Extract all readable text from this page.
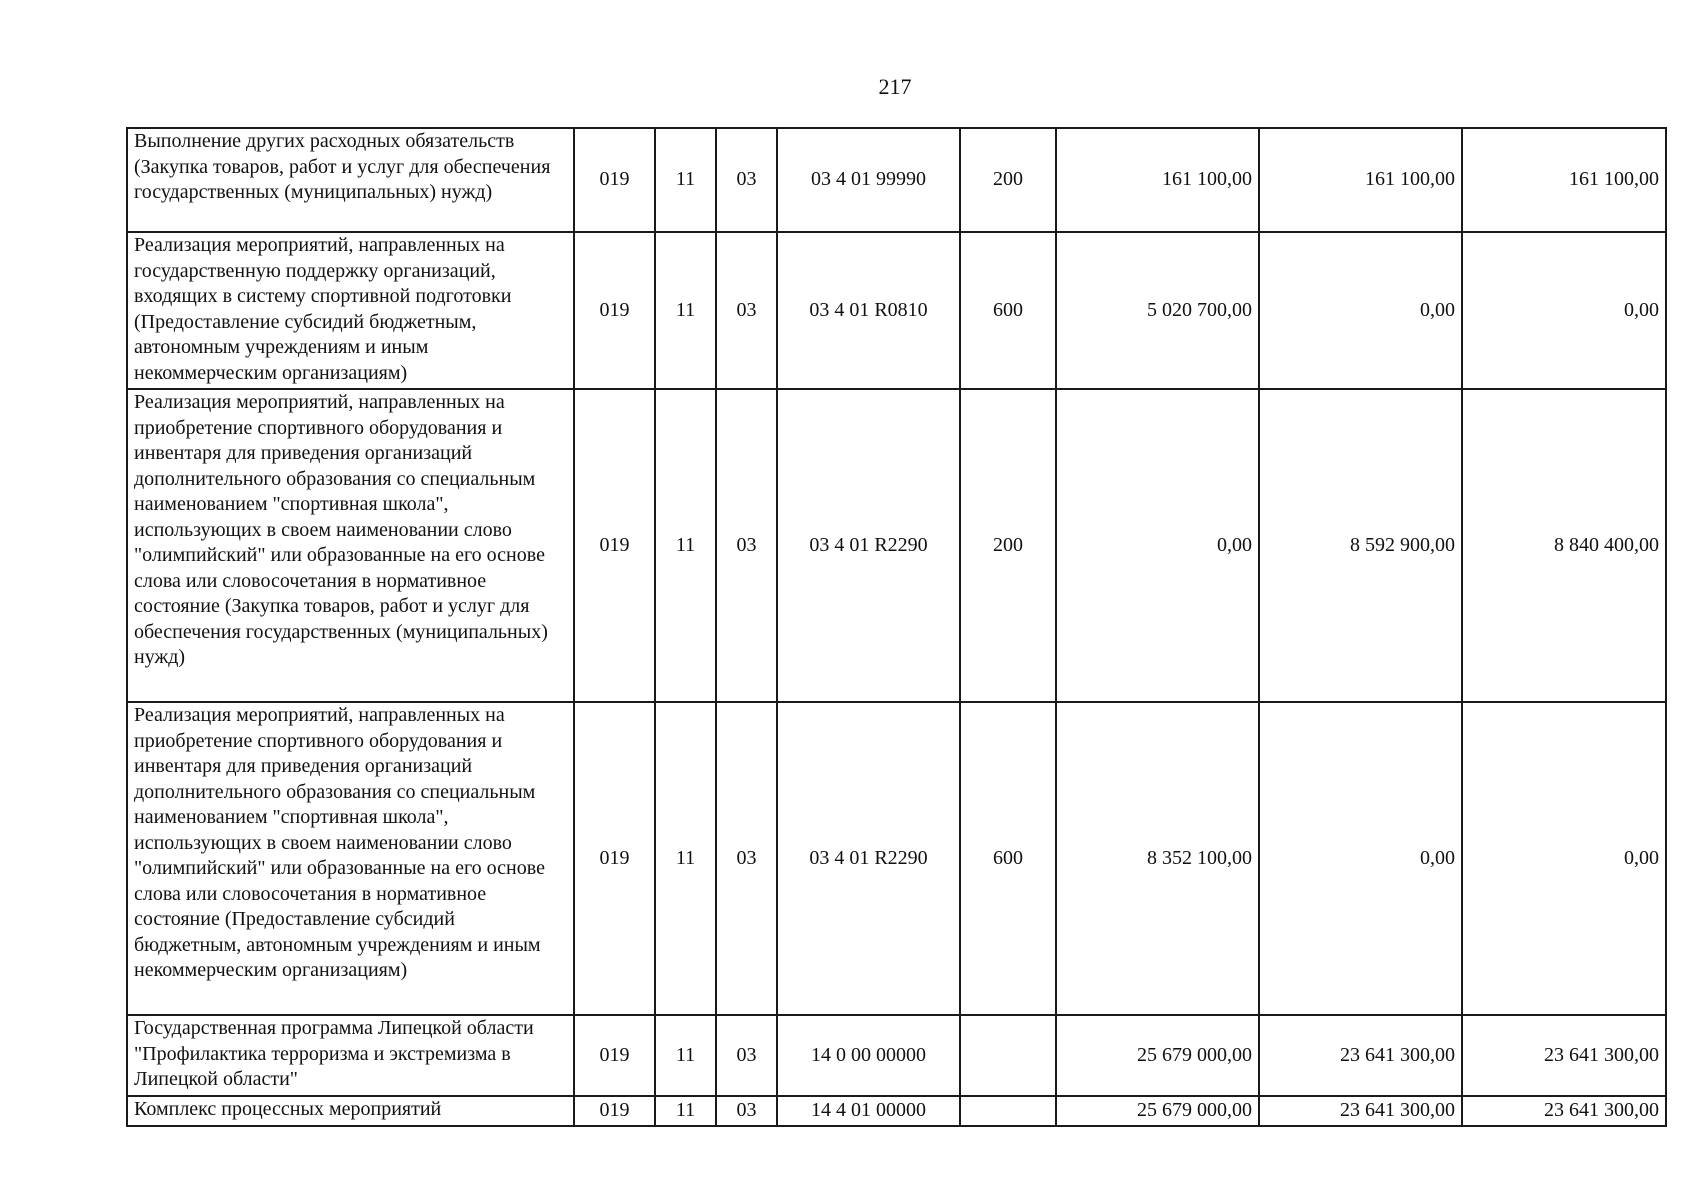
217
Выполнение других расходных обязательств (Закупка товаров, работ и услуг для обеспечения государственных (муниципальных) нужд)	019	11	03	03 4 01 99990	200	161 100,00	161 100,00	161 100,00
Реализация мероприятий, направленных на государственную поддержку организаций, входящих в систему спортивной подготовки (Предоставление субсидий бюджетным, автономным учреждениям и иным некоммерческим организациям)	019	11	03	03 4 01 R0810	600	5 020 700,00	0,00	0,00
Реализация мероприятий, направленных на приобретение спортивного оборудования и инвентаря для приведения организаций дополнительного образования со специальным наименованием "спортивная школа", использующих в своем наименовании слово "олимпийский" или образованные на его основе слова или словосочетания в нормативное состояние (Закупка товаров, работ и услуг для обеспечения государственных (муниципальных) нужд)	019	11	03	03 4 01 R2290	200	0,00	8 592 900,00	8 840 400,00
Реализация мероприятий, направленных на приобретение спортивного оборудования и инвентаря для приведения организаций дополнительного образования со специальным наименованием "спортивная школа", использующих в своем наименовании слово "олимпийский" или образованные на его основе слова или словосочетания в нормативное состояние (Предоставление субсидий бюджетным, автономным учреждениям и иным некоммерческим организациям)	019	11	03	03 4 01 R2290	600	8 352 100,00	0,00	0,00
Государственная программа Липецкой области "Профилактика терроризма и экстремизма в Липецкой области"	019	11	03	14 0 00 00000		25 679 000,00	23 641 300,00	23 641 300,00
Комплекс процессных мероприятий	019	11	03	14 4 01 00000		25 679 000,00	23 641 300,00	23 641 300,00
